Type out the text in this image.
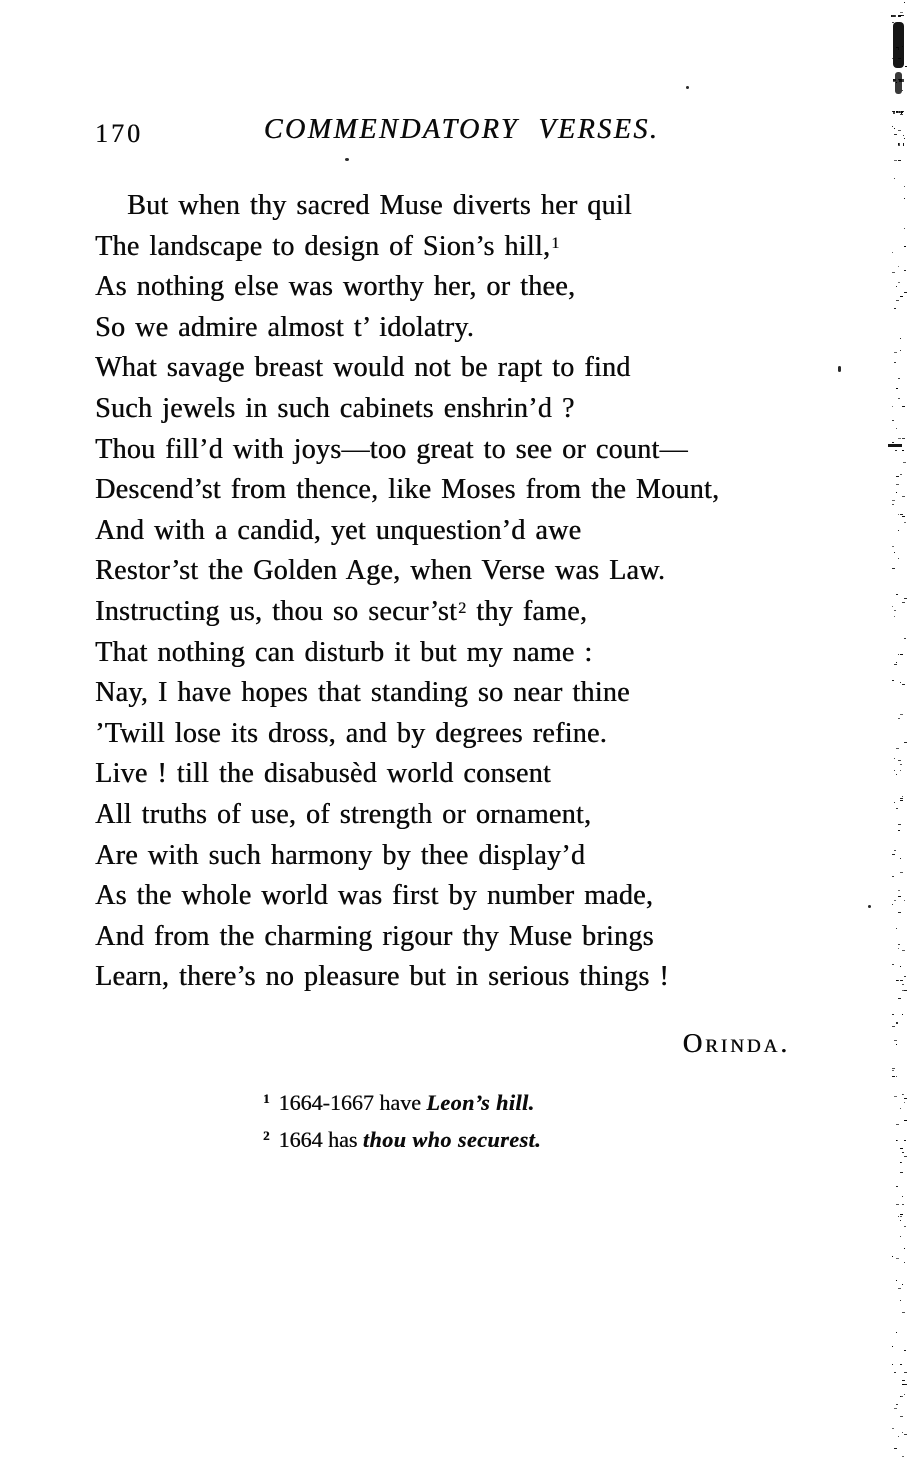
170	COMMENDATORY VERSES.
But when thy sacred Muse diverts her quil
The landscape to design of Sion’s hill,$^1$
As nothing else was worthy her, or thee,
So we admire almost t’ idolatry.
What savage breast would not be rapt to find
Such jewels in such cabinets enshrin’d ?
Thou fill’d with joys—too great to see or count—
Descend’st from thence, like Moses from the Mount,
And with a candid, yet unquestion’d awe
Restor’st the Golden Age, when Verse was Law.
Instructing us, thou so secur’st$^2$ thy fame,
That nothing can disturb it but my name :
Nay, I have hopes that standing so near thine
’Twill lose its dross, and by degrees refine.
Live ! till the disabusèd world consent
All truths of use, of strength or ornament,
Are with such harmony by thee display’d
As the whole world was first by number made,
And from the charming rigour thy Muse brings
Learn, there’s no pleasure but in serious things !
Orinda.
$^1$ 1664-1667 have Leon’s hill.
$^2$ 1664 has thou who securest.
